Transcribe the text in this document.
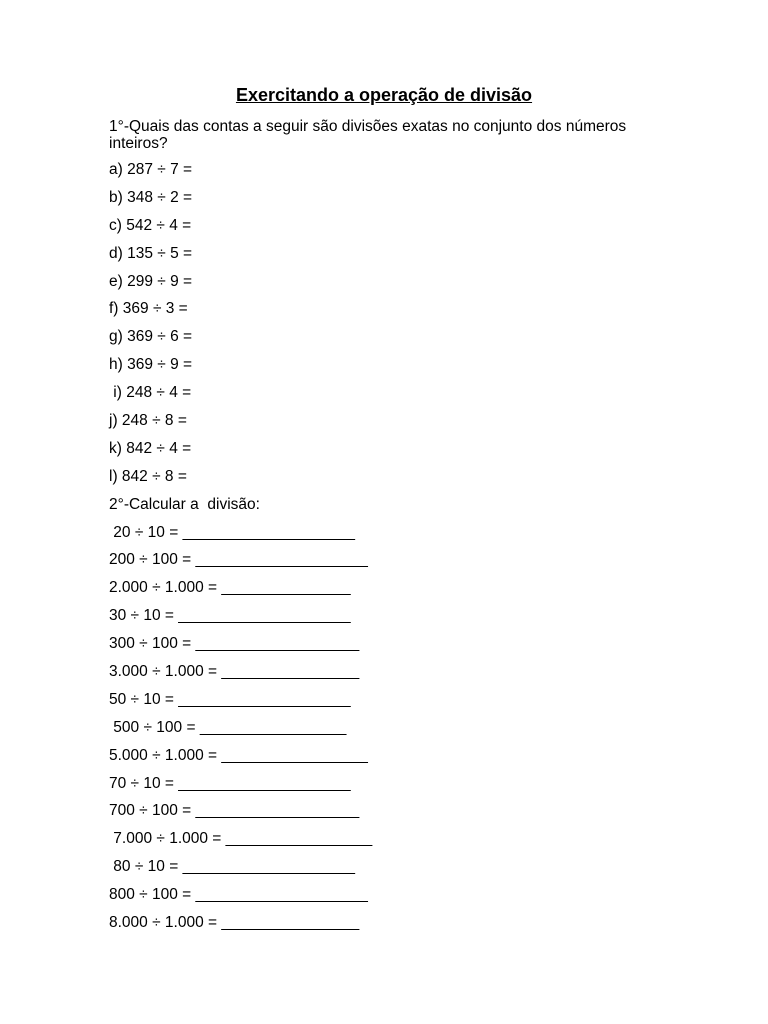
Exercitando a operação de divisão
1°-Quais das contas a seguir são divisões exatas no conjunto dos números inteiros?
a) 287 ÷ 7 =
b) 348 ÷ 2 =
c) 542 ÷ 4 =
d) 135 ÷ 5 =
e) 299 ÷ 9 =
f) 369 ÷ 3 =
g) 369 ÷ 6 =
h) 369 ÷ 9 =
i) 248 ÷ 4 =
j) 248 ÷ 8 =
k) 842 ÷ 4 =
l) 842 ÷ 8 =
2°-Calcular a  divisão:
20 ÷ 10 = ____________________
200 ÷ 100 = ____________________
2.000 ÷ 1.000 = _______________
30 ÷ 10 = ____________________
300 ÷ 100 = ___________________
3.000 ÷ 1.000 = ________________
50 ÷ 10 = ____________________
500 ÷ 100 = _________________
5.000 ÷ 1.000 = _________________
70 ÷ 10 = ____________________
700 ÷ 100 = ___________________
7.000 ÷ 1.000 = _________________
80 ÷ 10 = ____________________
800 ÷ 100 = ____________________
8.000 ÷ 1.000 = ________________
